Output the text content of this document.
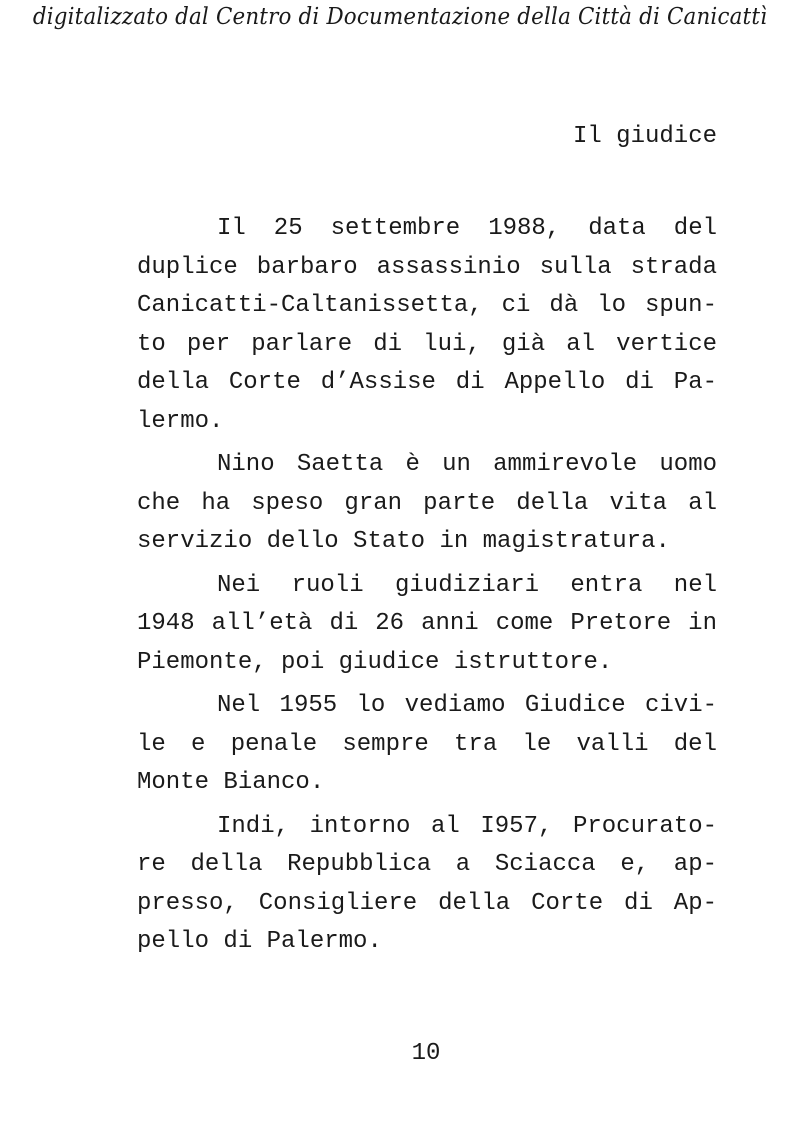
digitalizzato dal Centro di Documentazione della Città di Canicattì

Il giudice

Il 25 settembre 1988, data del
duplice barbaro assassinio sulla strada
Canicatti-Caltanissetta, ci dà lo spun-
to per parlare di lui, già al vertice
della Corte d’Assise di Appello di Pa-
lermo.

Nino Saetta è un ammirevole uomo
che ha speso gran parte della vita al
servizio dello Stato in magistratura.

Nei ruoli giudiziari entra nel
1948 all’età di 26 anni come Pretore in
Piemonte, poi giudice istruttore.

Nel 1955 lo vediamo Giudice civi-
le e penale sempre tra le valli del
Monte Bianco.

Indi, intorno al I957, Procurato-
re della Repubblica a Sciacca e, ap-
presso, Consigliere della Corte di Ap-
pello di Palermo.

10
